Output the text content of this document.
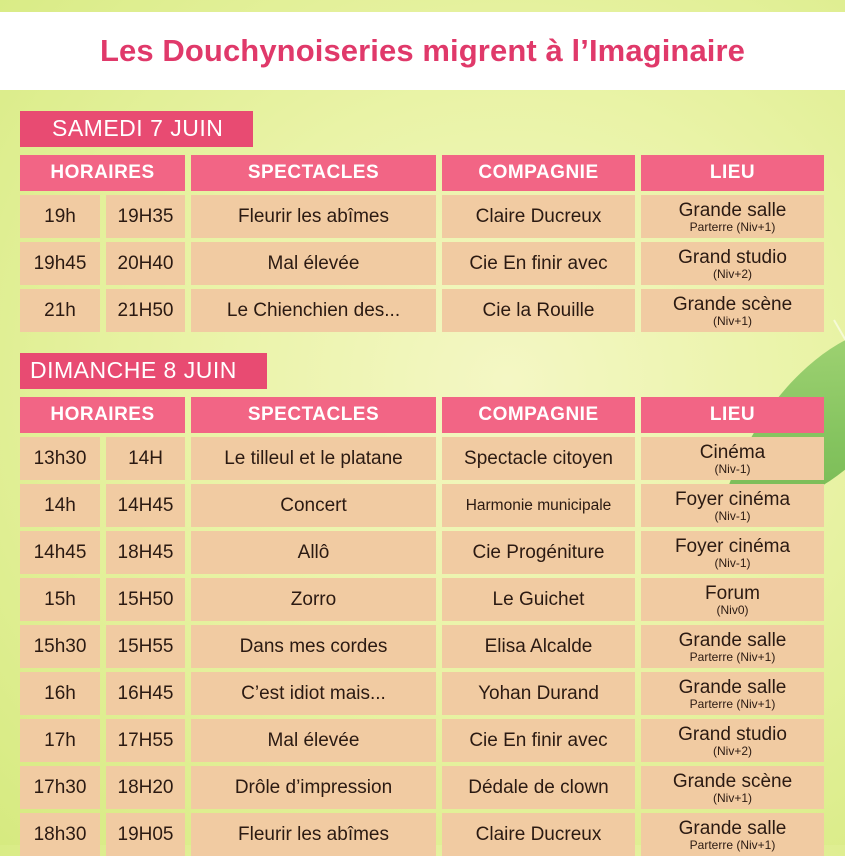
Les Douchynoiseries migrent à l’Imaginaire
SAMEDI 7 JUIN
HORAIRES	SPECTACLES	COMPAGNIE	LIEU
19h	19H35	Fleurir les abîmes	Claire Ducreux	Grande salle
Parterre (Niv+1)
19h45	20H40	Mal élevée	Cie En finir avec	Grand studio
(Niv+2)
21h	21H50	Le Chienchien des...	Cie la Rouille	Grande scène
(Niv+1)
DIMANCHE 8 JUIN
HORAIRES	SPECTACLES	COMPAGNIE	LIEU
13h30	14H	Le tilleul et le platane	Spectacle citoyen	Cinéma
(Niv-1)
14h	14H45	Concert	Harmonie municipale	Foyer cinéma
(Niv-1)
14h45	18H45	Allô	Cie Progéniture	Foyer cinéma
(Niv-1)
15h	15H50	Zorro	Le Guichet	Forum
(Niv0)
15h30	15H55	Dans mes cordes	Elisa Alcalde	Grande salle
Parterre (Niv+1)
16h	16H45	C’est idiot mais...	Yohan Durand	Grande salle
Parterre (Niv+1)
17h	17H55	Mal élevée	Cie En finir avec	Grand studio
(Niv+2)
17h30	18H20	Drôle d’impression	Dédale de clown	Grande scène
(Niv+1)
18h30	19H05	Fleurir les abîmes	Claire Ducreux	Grande salle
Parterre (Niv+1)
